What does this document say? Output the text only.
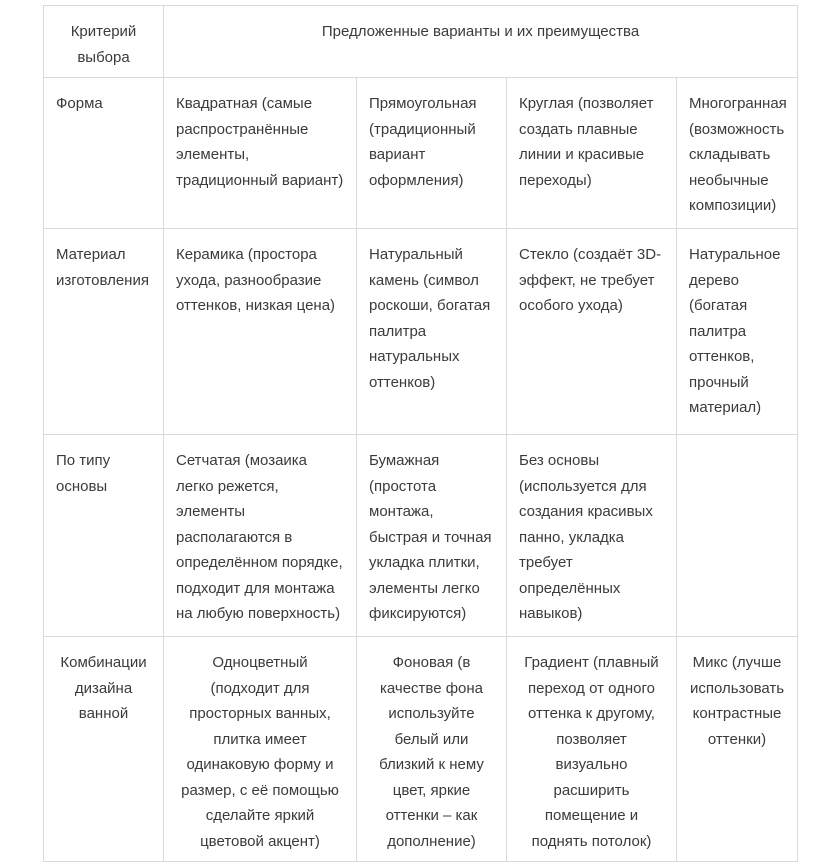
Критерий выбора	Предложенные варианты и их преимущества			
Форма	Квадратная (самые распространённые элементы, традиционный вариант)	Прямоугольная (традиционный вариант оформления)	Круглая (позволяет создать плавные линии и красивые переходы)	Многогранная (возможность складывать необычные композиции)
Материал изготовления	Керамика (простора ухода, разнообразие оттенков, низкая цена)	Натуральный камень (символ роскоши, богатая палитра натуральных оттенков)	Стекло (создаёт 3D-эффект, не требует особого ухода)	Натуральное дерево (богатая палитра оттенков, прочный материал)
По типу основы	Сетчатая (мозаика легко режется, элементы располагаются в определённом порядке, подходит для монтажа на любую поверхность)	Бумажная (простота монтажа, быстрая и точная укладка плитки, элементы легко фиксируются)	Без основы (используется для создания красивых панно, укладка требует определённых навыков)	
Комбинации дизайна ванной	Одноцветный (подходит для просторных ванных, плитка имеет одинаковую форму и размер, с её помощью сделайте яркий цветовой акцент)	Фоновая (в качестве фона используйте белый или близкий к нему цвет, яркие оттенки – как дополнение)	Градиент (плавный переход от одного оттенка к другому, позволяет визуально расширить помещение и поднять потолок)	Микс (лучше использовать контрастные оттенки)
